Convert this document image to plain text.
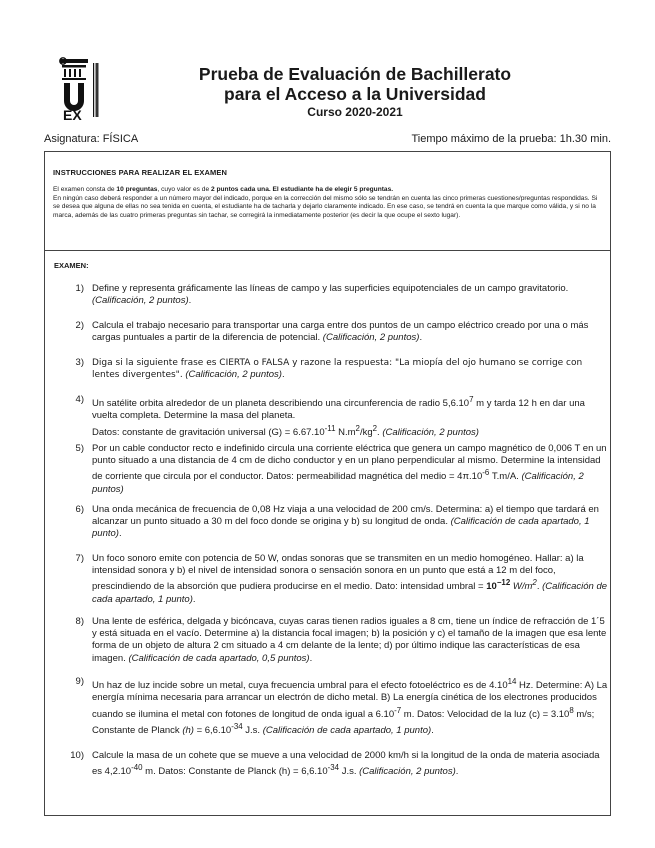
EX
Prueba de Evaluación de Bachillerato
para el Acceso a la Universidad
Curso 2020-2021
Asignatura: FÍSICA	Tiempo máximo de la prueba: 1h.30 min.
INSTRUCCIONES PARA REALIZAR EL EXAMEN

El examen consta de 10 preguntas, cuyo valor es de 2 puntos cada una. El estudiante ha de elegir 5 preguntas.

En ningún caso deberá responder a un número mayor del indicado, porque en la corrección del mismo sólo se tendrán en cuenta las cinco primeras cuestiones/preguntas respondidas. Si se desea que alguna de ellas no sea tenida en cuenta, el estudiante ha de tacharla y dejarlo claramente indicado. En ese caso, se tendrá en cuenta la que marque como válida, y si no la marca, además de las cuatro primeras preguntas sin tachar, se corregirá la inmediatamente posterior (es decir la que ocupe el sexto lugar).

EXAMEN:
1) Define y representa gráficamente las líneas de campo y las superficies equipotenciales de un campo gravitatorio. (Calificación, 2 puntos).
2) Calcula el trabajo necesario para transportar una carga entre dos puntos de un campo eléctrico creado por una o más cargas puntuales a partir de la diferencia de potencial. (Calificación, 2 puntos).
3) Diga si la siguiente frase es CIERTA o FALSA y razone la respuesta: "La miopía del ojo humano se corrige con lentes divergentes". (Calificación, 2 puntos).
4) Un satélite orbita alrededor de un planeta describiendo una circunferencia de radio 5,6.10$^7$ m y tarda 12 h en dar una vuelta completa. Determine la masa del planeta.
Datos: constante de gravitación universal $(G) = 6.67.10^{-11}$ $N.m^2/kg^2$. (Calificación, 2 puntos)
5) Por un cable conductor recto e indefinido circula una corriente eléctrica que genera un campo magnético de 0,006 T en un punto situado a una distancia de 4 cm de dicho conductor y en un plano perpendicular al mismo. Determine la intensidad de corriente que circula por el conductor. Datos: permeabilidad magnética del medio = $4\pi.10^{-6}$ T.m/A. (Calificación, 2 puntos)
6) Una onda mecánica de frecuencia de 0,08 Hz viaja a una velocidad de 200 cm/s. Determina: a) el tiempo que tardará en alcanzar un punto situado a 30 m del foco donde se origina y b) su longitud de onda. (Calificación de cada apartado, 1 punto).
7) Un foco sonoro emite con potencia de 50 W, ondas sonoras que se transmiten en un medio homogéneo. Hallar: a) la intensidad sonora y b) el nivel de intensidad sonora o sensación sonora en un punto que está a 12 m del foco, prescindiendo de la absorción que pudiera producirse en el medio. Dato: intensidad umbral = $10^{-12}$ $W/m^2$. (Calificación de cada apartado, 1 punto).
8) Una lente de esférica, delgada y bicóncava, cuyas caras tienen radios iguales a 8 cm, tiene un índice de refracción de 1´5 y está situada en el vacío. Determine a) la distancia focal imagen; b) la posición y c) el tamaño de la imagen que esa lente forma de un objeto de altura 2 cm situado a 4 cm delante de la lente; d) por último indique las características de esa imagen. (Calificación de cada apartado, 0,5 puntos).
9) Un haz de luz incide sobre un metal, cuya frecuencia umbral para el efecto fotoeléctrico es de 4.10$^{14}$ Hz. Determine: A) La energía mínima necesaria para arrancar un electrón de dicho metal. B) La energía cinética de los electrones producidos cuando se ilumina el metal con fotones de longitud de onda igual a $6.10^{-7}$ m. Datos: Velocidad de la luz $(c) = 3.10^8$ m/s; Constante de Planck $(h) = 6,6.10^{-34}$ J.s. (Calificación de cada apartado, 1 punto).
10) Calcule la masa de un cohete que se mueve a una velocidad de 2000 km/h si la longitud de la onda de materia asociada es $4,2.10^{-40}$ m. Datos: Constante de Planck $(h) = 6,6.10^{-34}$ J.s. (Calificación, 2 puntos).
